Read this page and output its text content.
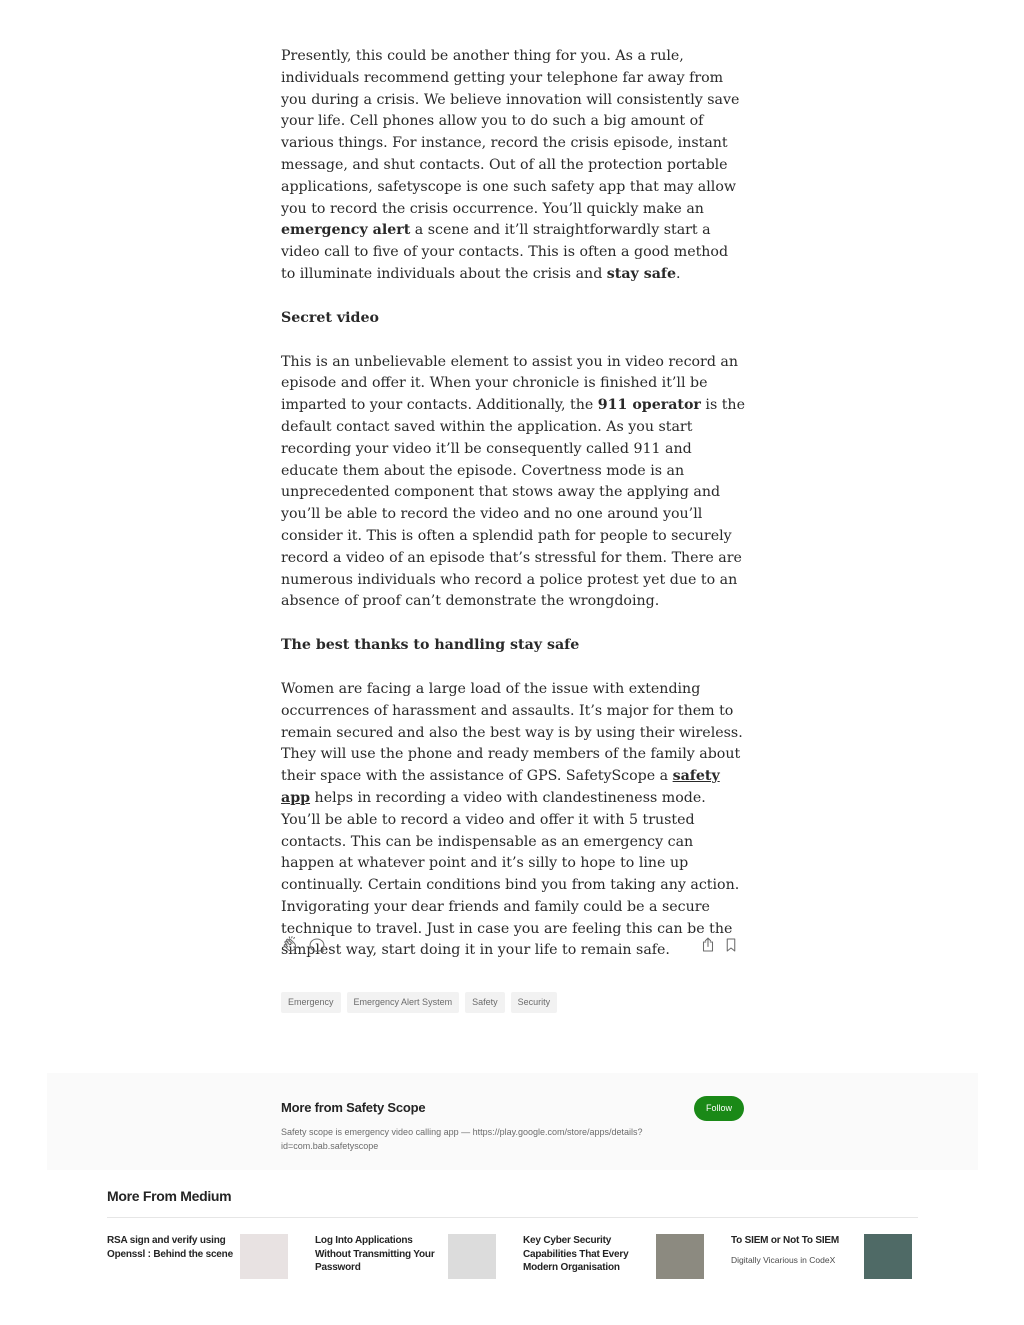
Presently, this could be another thing for you. As a rule, individuals recommend getting your telephone far away from you during a crisis. We believe innovation will consistently save your life. Cell phones allow you to do such a big amount of various things. For instance, record the crisis episode, instant message, and shut contacts. Out of all the protection portable applications, safetyscope is one such safety app that may allow you to record the crisis occurrence. You’ll quickly make an emergency alert a scene and it’ll straightforwardly start a video call to five of your contacts. This is often a good method to illuminate individuals about the crisis and stay safe.

Secret video

This is an unbelievable element to assist you in video record an episode and offer it. When your chronicle is finished it’ll be imparted to your contacts. Additionally, the 911 operator is the default contact saved within the application. As you start recording your video it’ll be consequently called 911 and educate them about the episode. Covertness mode is an unprecedented component that stows away the applying and you’ll be able to record the video and no one around you’ll consider it. This is often a splendid path for people to securely record a video of an episode that’s stressful for them. There are numerous individuals who record a police protest yet due to an absence of proof can’t demonstrate the wrongdoing.

The best thanks to handling stay safe

Women are facing a large load of the issue with extending occurrences of harassment and assaults. It’s major for them to remain secured and also the best way is by using their wireless. They will use the phone and ready members of the family about their space with the assistance of GPS. SafetyScope a safety app helps in recording a video with clandestineness mode. You’ll be able to record a video and offer it with 5 trusted contacts. This can be indispensable as an emergency can happen at whatever point and it’s silly to hope to line up continually. Certain conditions bind you from taking any action. Invigorating your dear friends and family could be a secure technique to travel. Just in case you are feeling this can be the simplest way, start doing it in your life to remain safe.

Emergency	Emergency Alert System	Safety	Security
More from Safety Scope
Safety scope is emergency video calling app — https://play.google.com/store/apps/details?id=com.bab.safetyscope
Follow
More From Medium
RSA sign and verify using Openssl : Behind the scene
Log Into Applications Without Transmitting Your Password
Key Cyber Security Capabilities That Every Modern Organisation
To SIEM or Not To SIEM
Digitally Vicarious in CodeX
